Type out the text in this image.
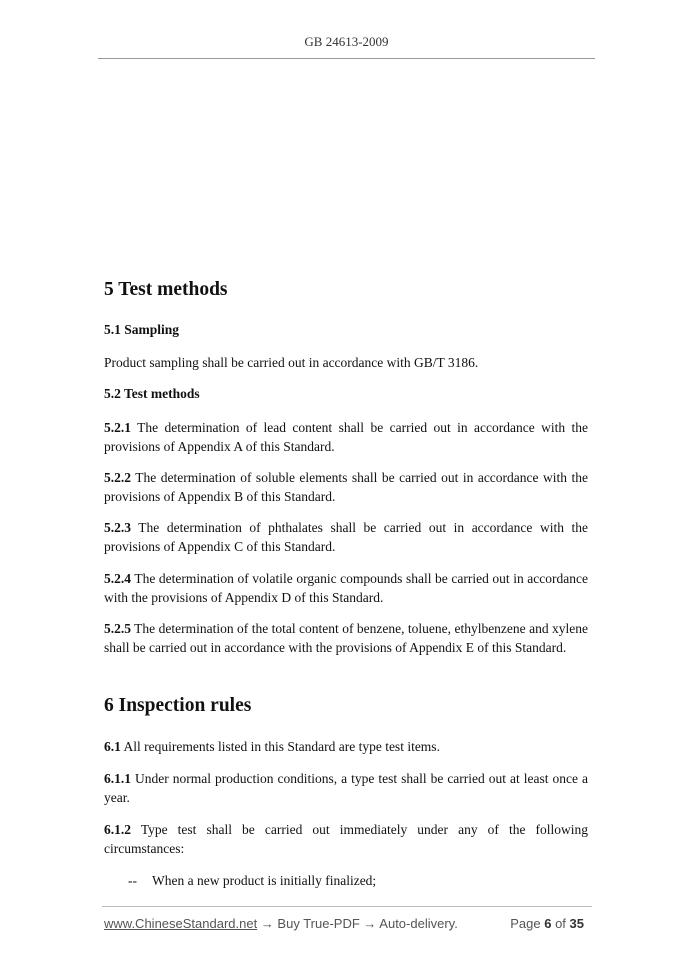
GB 24613-2009
5 Test methods
5.1 Sampling
Product sampling shall be carried out in accordance with GB/T 3186.
5.2 Test methods
5.2.1 The determination of lead content shall be carried out in accordance with the provisions of Appendix A of this Standard.
5.2.2 The determination of soluble elements shall be carried out in accordance with the provisions of Appendix B of this Standard.
5.2.3 The determination of phthalates shall be carried out in accordance with the provisions of Appendix C of this Standard.
5.2.4 The determination of volatile organic compounds shall be carried out in accordance with the provisions of Appendix D of this Standard.
5.2.5 The determination of the total content of benzene, toluene, ethylbenzene and xylene shall be carried out in accordance with the provisions of Appendix E of this Standard.
6 Inspection rules
6.1 All requirements listed in this Standard are type test items.
6.1.1 Under normal production conditions, a type test shall be carried out at least once a year.
6.1.2 Type test shall be carried out immediately under any of the following circumstances:
-- When a new product is initially finalized;
www.ChineseStandard.net → Buy True-PDF → Auto-delivery.	Page 6 of 35
